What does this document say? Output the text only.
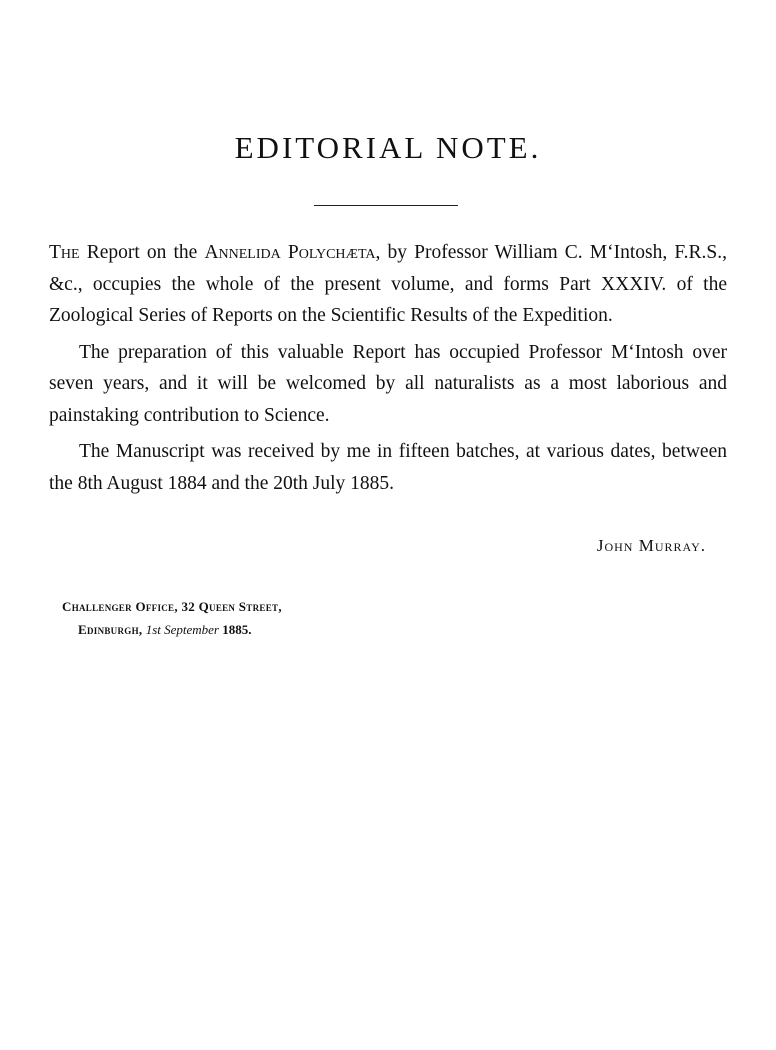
EDITORIAL NOTE.

The Report on the Annelida Polychæta, by Professor William C. M‘Intosh, F.R.S., &c., occupies the whole of the present volume, and forms Part XXXIV. of the Zoological Series of Reports on the Scientific Results of the Expedition.

The preparation of this valuable Report has occupied Professor M‘Intosh over seven years, and it will be welcomed by all naturalists as a most laborious and painstaking contribution to Science.

The Manuscript was received by me in fifteen batches, at various dates, between the 8th August 1884 and the 20th July 1885.

John Murray.
Challenger Office, 32 Queen Street,
Edinburgh, 1st September 1885.
